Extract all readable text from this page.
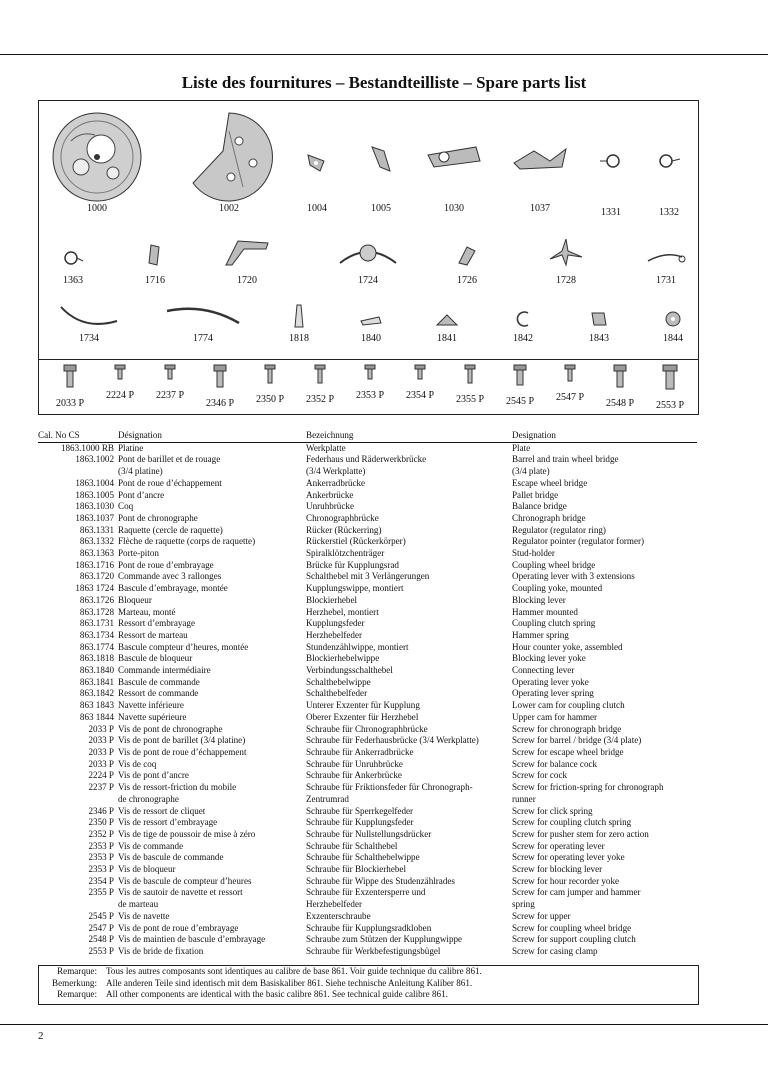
Liste des fournitures – Bestandteilliste – Spare parts list
1000	1002	1004	1005	1030	1037	1331	1332
1363	1716	1720	1724	1726	1728	1731
1734	1774	1818	1840	1841	1842	1843	1844
2033 P
2224 P	2237 P
2346 P	2350 P	2352 P	2353 P	2354 P	2355 P	2545 P	2547 P
2548 P	2553 P
Cal. No CS	Désignation	Bezeichnung	Designation
1863.1000 RB	Platine	Werkplatte	Plate
1863.1002	Pont de barillet et de rouage	Federhaus und Räderwerkbrücke	Barrel and train wheel bridge
	(3/4 platine)	(3/4 Werkplatte)	(3/4 plate)
1863.1004	Pont de roue d’échappement	Ankerradbrücke	Escape wheel bridge
1863.1005	Pont d’ancre	Ankerbrücke	Pallet bridge
1863.1030	Coq	Unruhbrücke	Balance bridge
1863.1037	Pont de chronographe	Chronographbrücke	Chronograph bridge
863.1331	Raquette (cercle de raquette)	Rücker (Rückerring)	Regulator (regulator ring)
863.1332	Flèche de raquette (corps de raquette)	Rückerstiel (Rückerkörper)	Regulator pointer (regulator former)
863.1363	Porte-piton	Spiralklötzchenträger	Stud-holder
1863.1716	Pont de roue d’embrayage	Brücke für Kupplungsrad	Coupling wheel bridge
863.1720	Commande avec 3 rallonges	Schalthebel mit 3 Verlängerungen	Operating lever with 3 extensions
1863 1724	Bascule d’embrayage, montée	Kupplungswippe, montiert	Coupling yoke, mounted
863.1726	Bloqueur	Blockierhebel	Blocking lever
863.1728	Marteau, monté	Herzhebel, montiert	Hammer mounted
863.1731	Ressort d’embrayage	Kupplungsfeder	Coupling clutch spring
863.1734	Ressort de marteau	Herzhebelfeder	Hammer spring
863.1774	Bascule compteur d’heures, montée	Stundenzählwippe, montiert	Hour counter yoke, assembled
863.1818	Bascule de bloqueur	Blockierhebelwippe	Blocking lever yoke
863.1840	Commande intermédiaire	Verbindungsschalthebel	Connecting lever
863.1841	Bascule de commande	Schalthebelwippe	Operating lever yoke
863.1842	Ressort de commande	Schalthebelfeder	Operating lever spring
863 1843	Navette inférieure	Unterer Exzenter für Kupplung	Lower cam for coupling clutch
863 1844	Navette supérieure	Oberer Exzenter für Herzhebel	Upper cam for hammer
2033 P	Vis de pont de chronographe	Schraube für Chronographbrücke	Screw for chronograph bridge
2033 P	Vis de pont de barillet (3/4 platine)	Schraube für Federhausbrücke (3/4 Werkplatte)	Screw for barrel / bridge (3/4 plate)
2033 P	Vis de pont de roue d’échappement	Schraube für Ankerradbrücke	Screw for escape wheel bridge
2033 P	Vis de coq	Schraube für Unruhbrücke	Screw for balance cock
2224 P	Vis de pont d’ancre	Schraube für Ankerbrücke	Screw for cock
2237 P	Vis de ressort-friction du mobile	Schraube für Friktionsfeder für Chronograph-	Screw for friction-spring for chronograph
	de chronographe	Zentrumrad	runner
2346 P	Vis de ressort de cliquet	Schraube für Sperrkegelfeder	Screw for click spring
2350 P	Vis de ressort d’embrayage	Schraube für Kupplungsfeder	Screw for coupling clutch spring
2352 P	Vis de tige de poussoir de mise à zéro	Schraube für Nullstellungsdrücker	Screw for pusher stem for zero action
2353 P	Vis de commande	Schraube für Schalthebel	Screw for operating lever
2353 P	Vis de bascule de commande	Schraube für Schalthebelwippe	Screw for operating lever yoke
2353 P	Vis de bloqueur	Schraube für Blockierhebel	Screw for blocking lever
2354 P	Vis de bascule de compteur d’heures	Schraube für Wippe des Studenzählrades	Screw for hour recorder yoke
2355 P	Vis de sautoir de navette et ressort	Schraube für Exzentersperre und	Screw for cam jumper and hammer
	de marteau	Herzhebelfeder	spring
2545 P	Vis de navette	Exzenterschraube	Screw for upper
2547 P	Vis de pont de roue d’embrayage	Schraube für Kupplungsradkloben	Screw for coupling wheel bridge
2548 P	Vis de maintien de bascule d’embrayage	Schraube zum Stützen der Kupplungwippe	Screw for support coupling clutch
2553 P	Vis de bride de fixation	Schraube für Werkbefestigungsbügel	Screw for casing clamp
Remarque: Tous les autres composants sont identiques au calibre de base 861. Voir guide technique du calibre 861.
Bemerkung: Alle anderen Teile sind identisch mit dem Basiskaliber 861. Siehe technische Anleitung Kaliber 861.
Remarque: All other components are identical with the basic calibre 861. See technical guide calibre 861.
2
